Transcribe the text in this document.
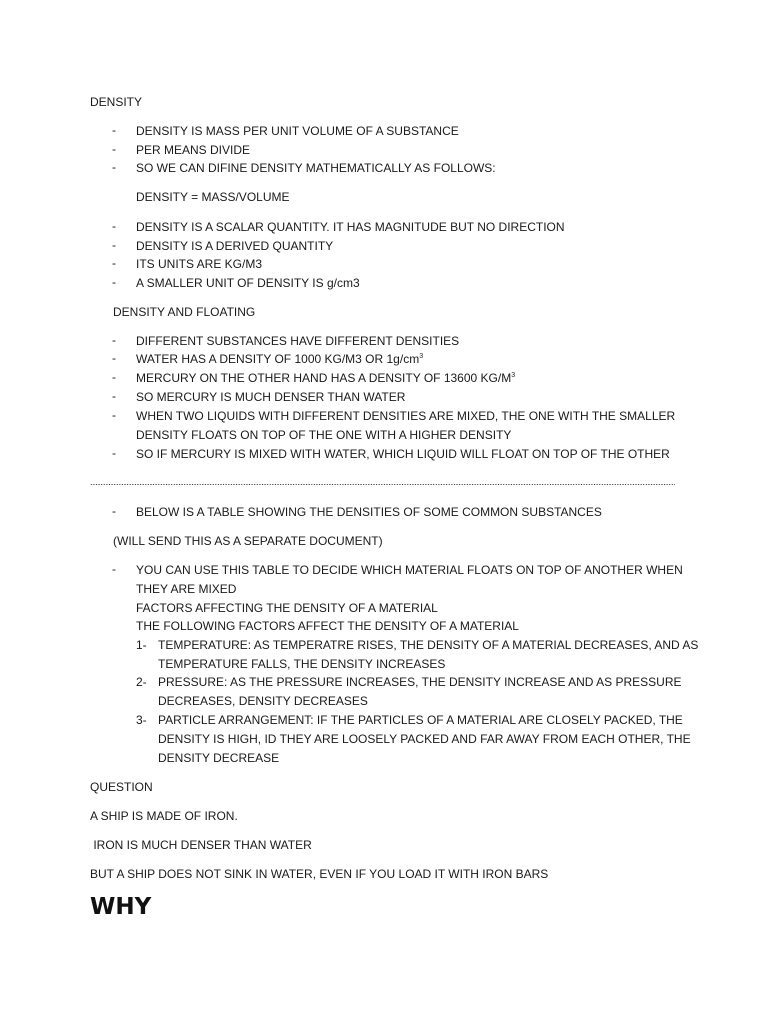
DENSITY
- DENSITY IS MASS PER UNIT VOLUME OF A SUBSTANCE
- PER MEANS DIVIDE
- SO WE CAN DIFINE DENSITY MATHEMATICALLY AS FOLLOWS:
DENSITY = MASS/VOLUME
- DENSITY IS A SCALAR QUANTITY. IT HAS MAGNITUDE BUT NO DIRECTION
- DENSITY IS A DERIVED QUANTITY
- ITS UNITS ARE KG/M3
- A SMALLER UNIT OF DENSITY IS g/cm3
DENSITY AND FLOATING
- DIFFERENT SUBSTANCES HAVE DIFFERENT DENSITIES
- WATER HAS A DENSITY OF 1000 KG/M3 OR $1g/cm^3$
- MERCURY ON THE OTHER HAND HAS A DENSITY OF 13600 $KG/M^3$
- SO MERCURY IS MUCH DENSER THAN WATER
- WHEN TWO LIQUIDS WITH DIFFERENT DENSITIES ARE MIXED, THE ONE WITH THE SMALLER
DENSITY FLOATS ON TOP OF THE ONE WITH A HIGHER DENSITY
- SO IF MERCURY IS MIXED WITH WATER, WHICH LIQUID WILL FLOAT ON TOP OF THE OTHER
- BELOW IS A TABLE SHOWING THE DENSITIES OF SOME COMMON SUBSTANCES
(WILL SEND THIS AS A SEPARATE DOCUMENT)
- YOU CAN USE THIS TABLE TO DECIDE WHICH MATERIAL FLOATS ON TOP OF ANOTHER WHEN
THEY ARE MIXED
FACTORS AFFECTING THE DENSITY OF A MATERIAL
THE FOLLOWING FACTORS AFFECT THE DENSITY OF A MATERIAL
1- TEMPERATURE: AS TEMPERATRE RISES, THE DENSITY OF A MATERIAL DECREASES, AND AS
TEMPERATURE FALLS, THE DENSITY INCREASES
2- PRESSURE: AS THE PRESSURE INCREASES, THE DENSITY INCREASE AND AS PRESSURE
DECREASES, DENSITY DECREASES
3- PARTICLE ARRANGEMENT: IF THE PARTICLES OF A MATERIAL ARE CLOSELY PACKED, THE
DENSITY IS HIGH, ID THEY ARE LOOSELY PACKED AND FAR AWAY FROM EACH OTHER, THE
DENSITY DECREASE
QUESTION
A SHIP IS MADE OF IRON.
IRON IS MUCH DENSER THAN WATER
BUT A SHIP DOES NOT SINK IN WATER, EVEN IF YOU LOAD IT WITH IRON BARS
WHY
